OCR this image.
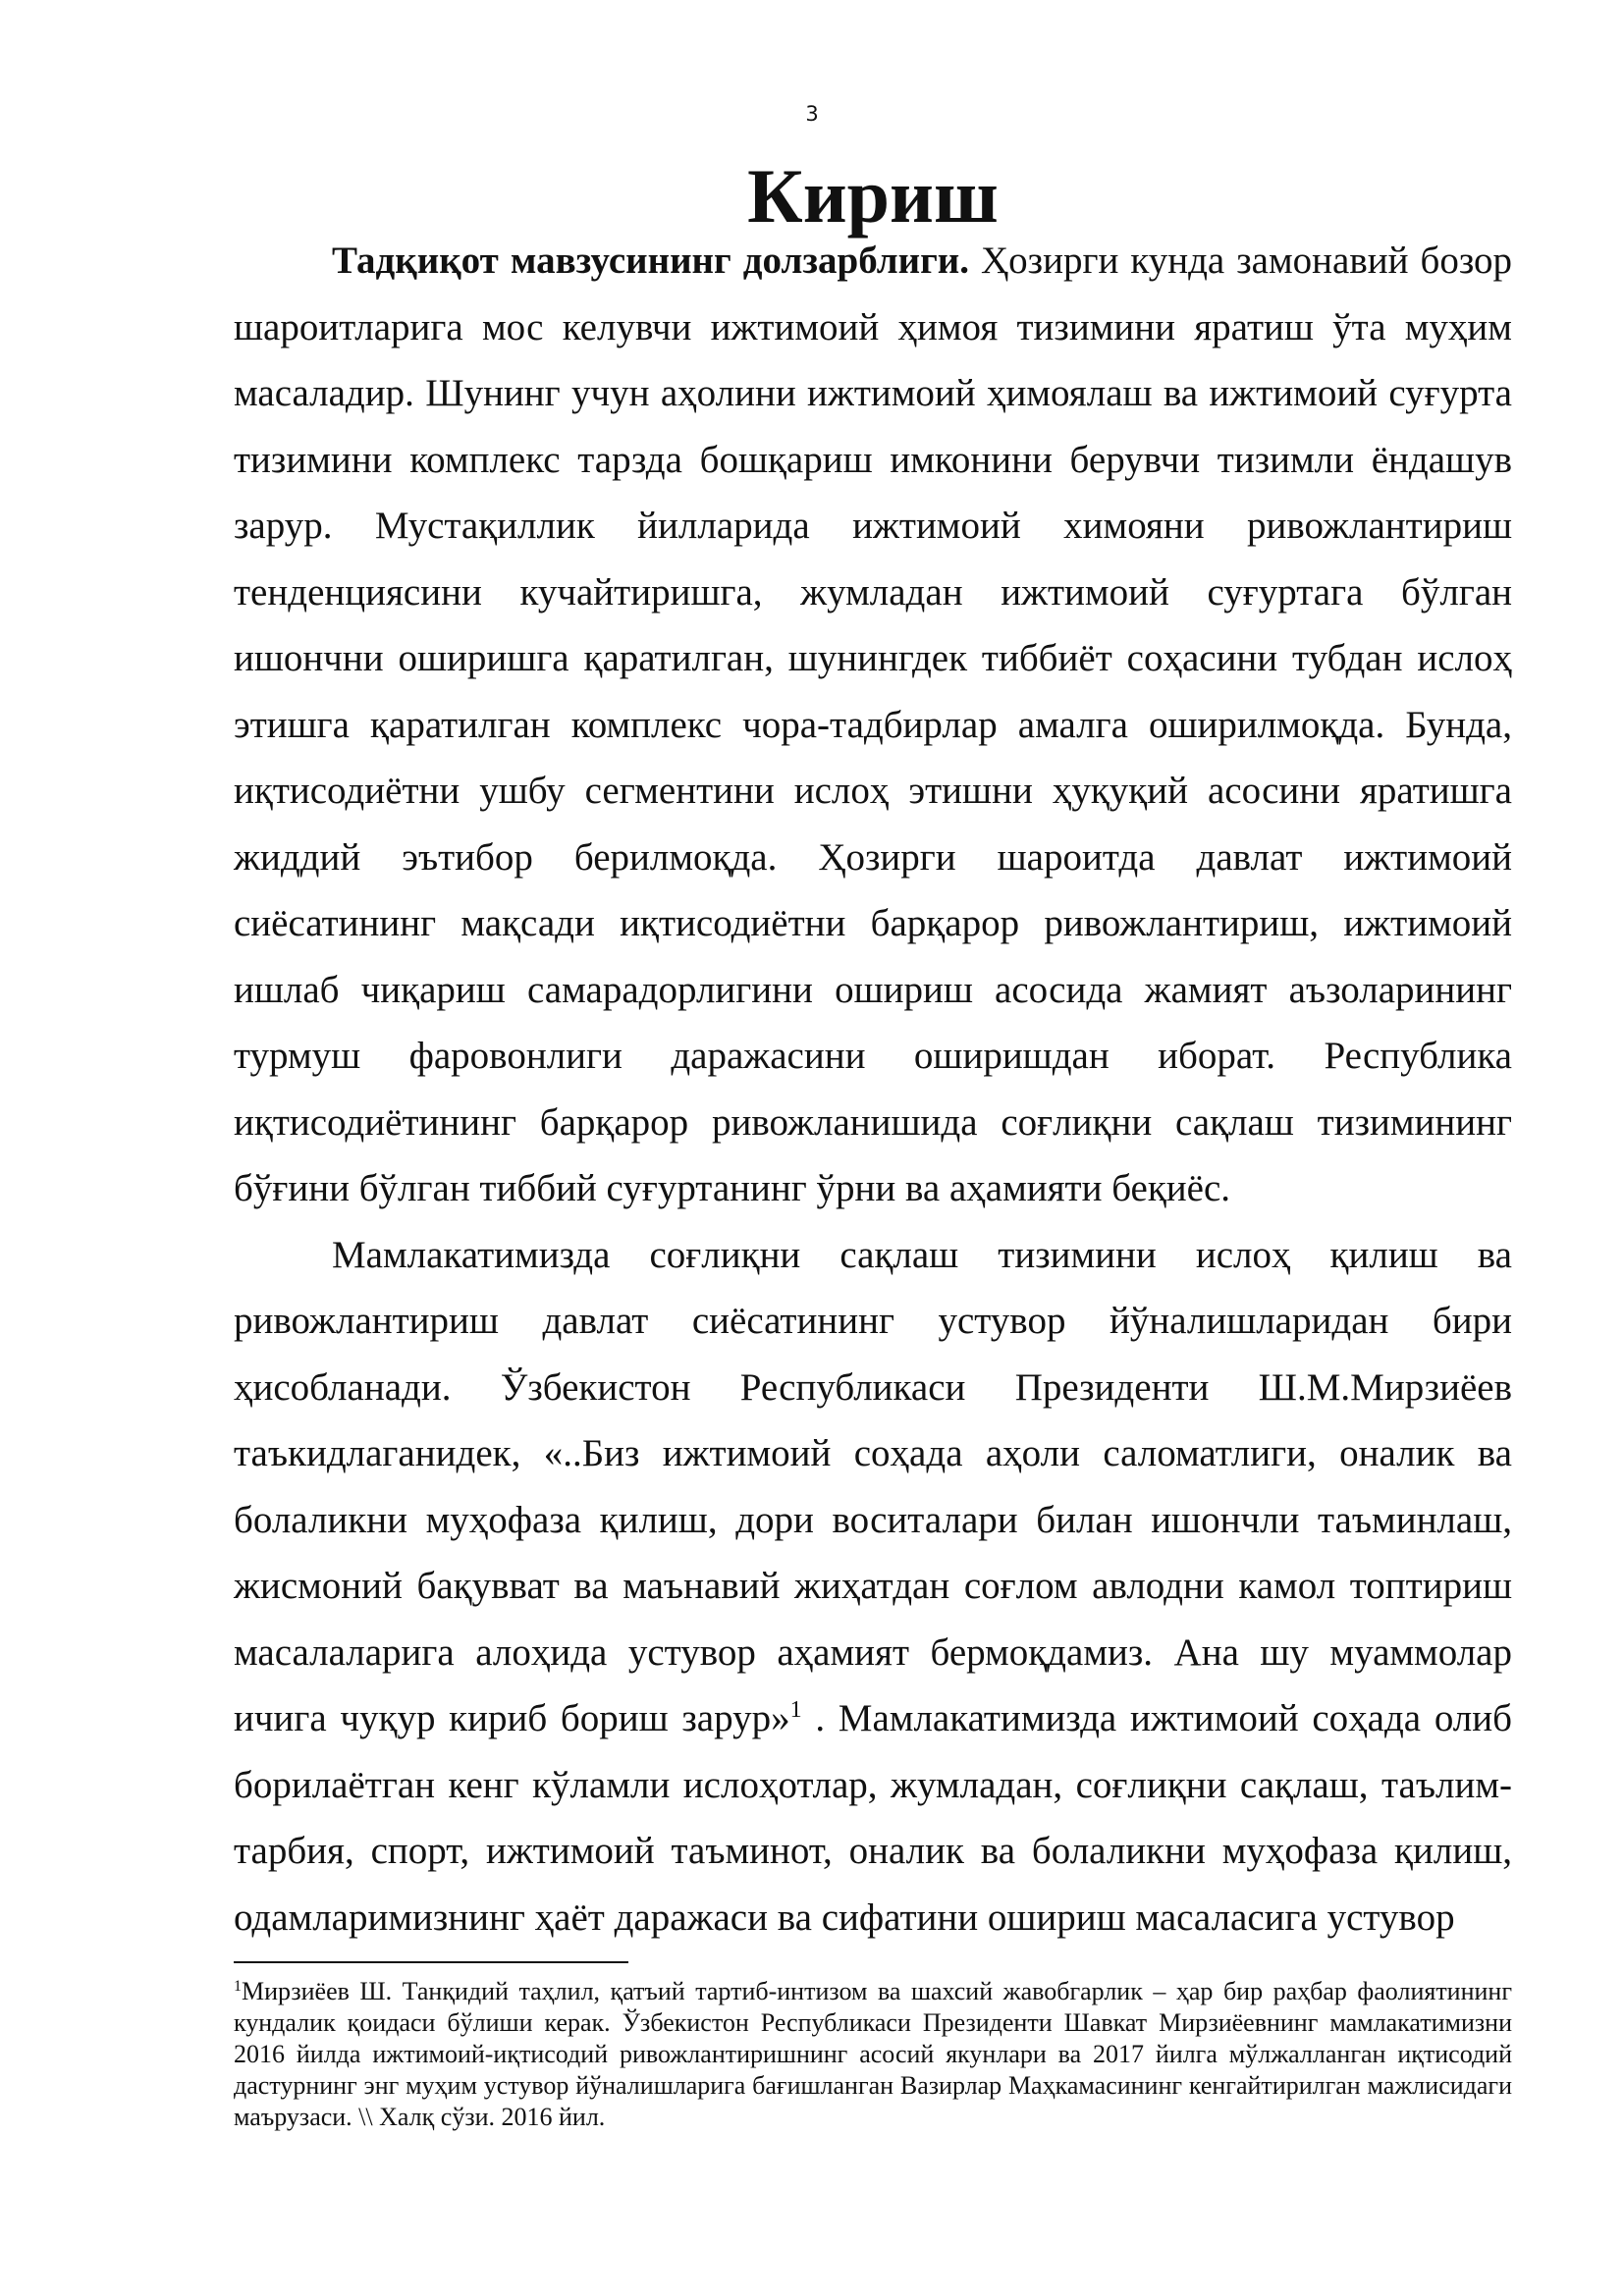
3
Кириш

Тадқиқот мавзусининг долзарблиги. Ҳозирги кунда замонавий бозор шароитларига мос келувчи ижтимоий ҳимоя тизимини яратиш ўта муҳим масаладир. Шунинг учун аҳолини ижтимоий ҳимоялаш ва ижтимоий суғурта тизимини комплекс тарзда бошқариш имконини берувчи тизимли ёндашув зарур. Мустақиллик йилларида ижтимоий химояни ривожлантириш тенденциясини кучайтиришга, жумладан ижтимоий суғуртага бўлган ишончни оширишга қаратилган, шунингдек тиббиёт соҳасини тубдан ислоҳ этишга қаратилган комплекс чора-тадбирлар амалга оширилмоқда. Бунда, иқтисодиётни ушбу сегментини ислоҳ этишни ҳуқуқий асосини яратишга жиддий эътибор берилмоқда. Ҳозирги шароитда давлат ижтимоий сиёсатининг мақсади иқтисодиётни барқарор ривожлантириш, ижтимоий ишлаб чиқариш самарадорлигини ошириш асосида жамият аъзоларининг турмуш фаровонлиги даражасини оширишдан иборат. Республика иқтисодиётининг барқарор ривожланишида соғлиқни сақлаш тизимининг бўғини бўлган тиббий суғуртанинг ўрни ва аҳамияти беқиёс.

Мамлакатимизда соғлиқни сақлаш тизимини ислоҳ қилиш ва ривожлантириш давлат сиёсатининг устувор йўналишларидан бири ҳисобланади. Ўзбекистон Республикаси Президенти Ш.М.Мирзиёев таъкидлаганидек, «..Биз ижтимоий соҳада аҳоли саломатлиги, оналик ва болаликни муҳофаза қилиш, дори воситалари билан ишончли таъминлаш, жисмоний бақувват ва маънавий жиҳатдан соғлом авлодни камол топтириш масалаларига алоҳида устувор аҳамият бермоқдамиз. Ана шу муаммолар ичига чуқур кириб бориш зарур»$^1$ . Мамлакатимизда ижтимоий соҳада олиб борилаётган кенг кўламли ислоҳотлар, жумладан, соғлиқни сақлаш, таълим-тарбия, спорт, ижтимоий таъминот, оналик ва болаликни муҳофаза қилиш, одамларимизнинг ҳаёт даражаси ва сифатини ошириш масаласига устувор

$^1$Мирзиёев Ш. Танқидий таҳлил, қатъий тартиб-интизом ва шахсий жавобгарлик – ҳар бир раҳбар фаолиятининг кундалик қоидаси бўлиши керак. Ўзбекистон Республикаси Президенти Шавкат Мирзиёевнинг мамлакатимизни 2016 йилда ижтимоий-иқтисодий ривожлантиришнинг асосий якунлари ва 2017 йилга мўлжалланган иқтисодий дастурнинг энг муҳим устувор йўналишларига бағишланган Вазирлар Маҳкамасининг кенгайтирилган мажлисидаги маърузаси. \\ Халқ сўзи. 2016 йил.
